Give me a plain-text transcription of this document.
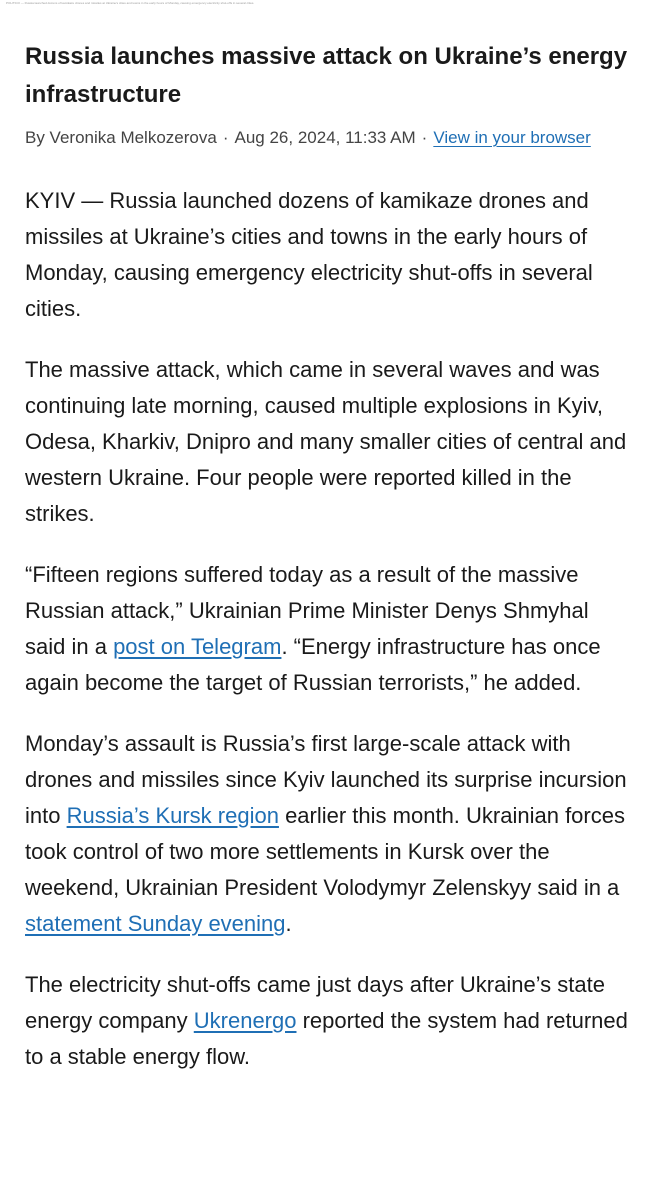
POLITICO — Russia launched dozens of kamikaze drones and missiles at Ukraine's cities and towns in the early hours of Monday, causing emergency electricity shut-offs in several cities.
Russia launches massive attack on Ukraine’s energy infrastructure
By Veronika Melkozerova · Aug 26, 2024, 11:33 AM · View in your browser

KYIV — Russia launched dozens of kamikaze drones and missiles at Ukraine’s cities and towns in the early hours of Monday, causing emergency electricity shut-offs in several cities.

The massive attack, which came in several waves and was continuing late morning, caused multiple explosions in Kyiv, Odesa, Kharkiv, Dnipro and many smaller cities of central and western Ukraine. Four people were reported killed in the strikes.

“Fifteen regions suffered today as a result of the massive Russian attack,” Ukrainian Prime Minister Denys Shmyhal said in a post on Telegram. “Energy infrastructure has once again become the target of Russian terrorists,” he added.

Monday’s assault is Russia’s first large-scale attack with drones and missiles since Kyiv launched its surprise incursion into Russia’s Kursk region earlier this month. Ukrainian forces took control of two more settlements in Kursk over the weekend, Ukrainian President Volodymyr Zelenskyy said in a statement Sunday evening.

The electricity shut-offs came just days after Ukraine’s state energy company Ukrenergo reported the system had returned to a stable energy flow.
